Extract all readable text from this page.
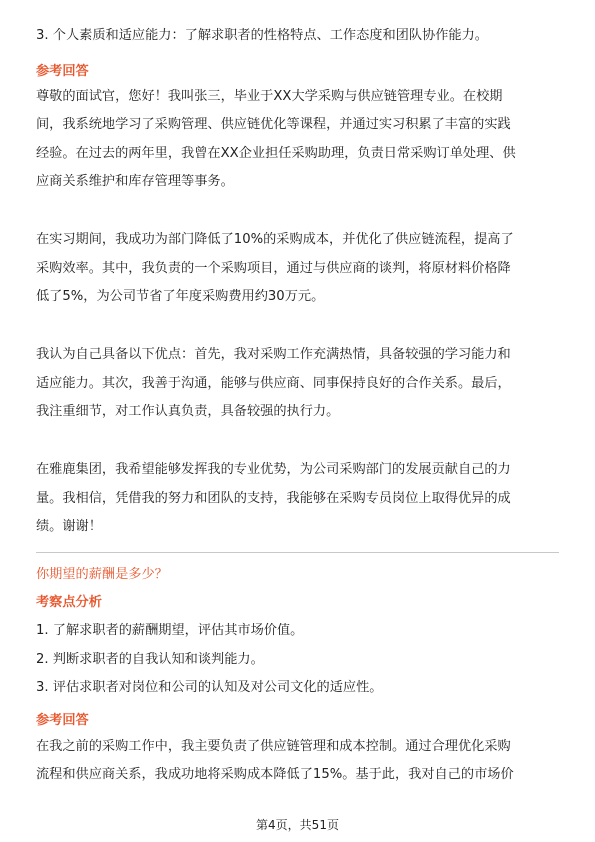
3. 个人素质和适应能力：了解求职者的性格特点、工作态度和团队协作能力。
参考回答
尊敬的面试官，您好！我叫张三，毕业于XX大学采购与供应链管理专业。在校期
间，我系统地学习了采购管理、供应链优化等课程，并通过实习积累了丰富的实践
经验。在过去的两年里，我曾在XX企业担任采购助理，负责日常采购订单处理、供
应商关系维护和库存管理等事务。
在实习期间，我成功为部门降低了10%的采购成本，并优化了供应链流程，提高了
采购效率。其中，我负责的一个采购项目，通过与供应商的谈判，将原材料价格降
低了5%，为公司节省了年度采购费用约30万元。
我认为自己具备以下优点：首先，我对采购工作充满热情，具备较强的学习能力和
适应能力。其次，我善于沟通，能够与供应商、同事保持良好的合作关系。最后，
我注重细节，对工作认真负责，具备较强的执行力。
在雅鹿集团，我希望能够发挥我的专业优势，为公司采购部门的发展贡献自己的力
量。我相信，凭借我的努力和团队的支持，我能够在采购专员岗位上取得优异的成
绩。谢谢！
你期望的薪酬是多少？
考察点分析
1. 了解求职者的薪酬期望，评估其市场价值。
2. 判断求职者的自我认知和谈判能力。
3. 评估求职者对岗位和公司的认知及对公司文化的适应性。
参考回答
在我之前的采购工作中，我主要负责了供应链管理和成本控制。通过合理优化采购
流程和供应商关系，我成功地将采购成本降低了15%。基于此，我对自己的市场价
第4页，共51页
